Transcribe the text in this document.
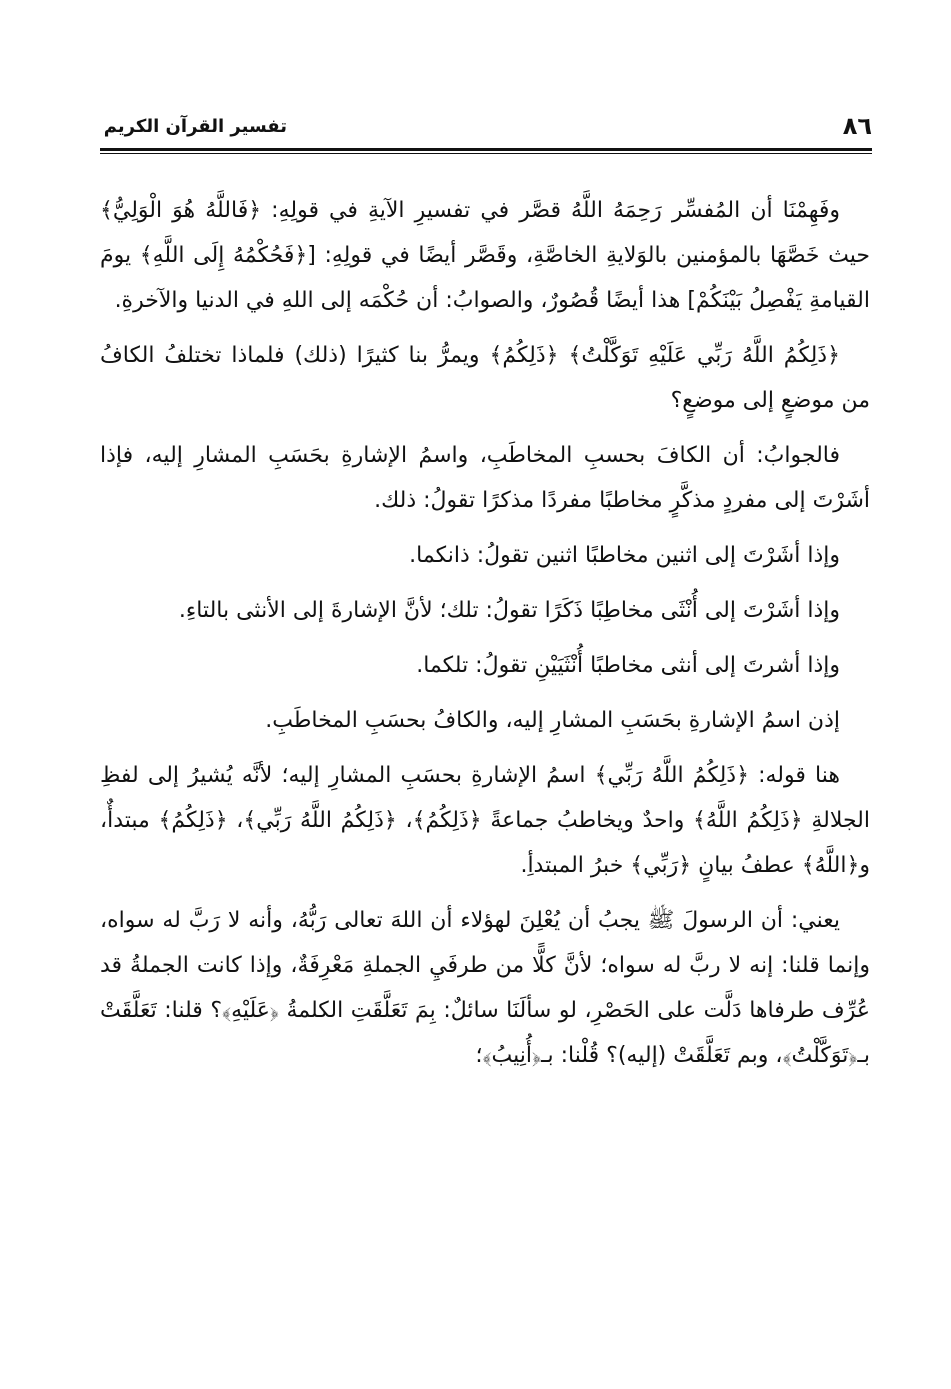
تفسير القرآن الكريم	٨٦

وفَهِمْنَا أن المُفسِّر رَحِمَهُ اللَّهُ قصَّر في تفسيرِ الآيةِ في قولِهِ: ﴿فَاللَّهُ هُوَ الْوَلِيُّ﴾ حيث خَصَّهَا بالمؤمنين بالوَلايةِ الخاصَّةِ، وقَصَّر أيضًا في قولِهِ: [﴿فَحُكْمُهُ إِلَى اللَّهِ﴾ يومَ القيامةِ يَفْصِلُ بَيْنَكُمْ] هذا أيضًا قُصُورٌ، والصوابُ: أن حُكْمَه إلى اللهِ في الدنيا والآخرةِ.

﴿ذَلِكُمُ اللَّهُ رَبِّي عَلَيْهِ تَوَكَّلْتُ﴾ ﴿ذَلِكُمُ﴾ ويمرُّ بنا كثيرًا (ذلك) فلماذا تختلفُ الكافُ من موضعٍ إلى موضعٍ؟

فالجوابُ: أن الكافَ بحسبِ المخاطَبِ، واسمُ الإشارةِ بحَسَبِ المشارِ إليه، فإذا أشَرْتَ إلى مفردٍ مذكَّرٍ مخاطبًا مفردًا مذكرًا تقولُ: ذلك.

وإذا أشَرْتَ إلى اثنين مخاطبًا اثنين تقولُ: ذانكما.

وإذا أشَرْتَ إلى أُنْثَى مخاطِبًا ذَكَرًا تقولُ: تلك؛ لأنَّ الإشارةَ إلى الأنثى بالتاءِ.

وإذا أشرتَ إلى أنثى مخاطبًا أُنْثَيَيْنِ تقولُ: تلكما.

إذن اسمُ الإشارةِ بحَسَبِ المشارِ إليه، والكافُ بحسَبِ المخاطَبِ.

هنا قوله: ﴿ذَلِكُمُ اللَّهُ رَبِّي﴾ اسمُ الإشارةِ بحسَبِ المشارِ إليه؛ لأنَّه يُشيرُ إلى لفظِ الجلالةِ ﴿ذَلِكُمُ اللَّهُ﴾ واحدٌ ويخاطبُ جماعةً ﴿ذَلِكُمُ﴾، ﴿ذَلِكُمُ اللَّهُ رَبِّي﴾، ﴿ذَلِكُمُ﴾ مبتدأٌ، و﴿اللَّهُ﴾ عطفُ بيانٍ ﴿رَبِّي﴾ خبرُ المبتدأِ.

يعني: أن الرسولَ ﷺ يجبُ أن يُعْلِنَ لهؤلاء أن اللهَ تعالى رَبُّهُ، وأنه لا رَبَّ له سواه، وإنما قلنا: إنه لا ربَّ له سواه؛ لأنَّ كلًّا من طرفَيِ الجملةِ مَعْرِفَةٌ، وإذا كانت الجملةُ قد عُرِّف طرفاها دَلَّت على الحَصْرِ، لو سألَنَا سائلٌ: بِمَ تَعَلَّقَتِ الكلمةُ ﴿عَلَيْهِ﴾؟ قلنا: تَعَلَّقَتْ بـ﴿تَوَكَّلْتُ﴾، وبم تَعَلَّقَتْ (إليه)؟ قُلْنا: بـ﴿أُنِيبُ﴾؛
